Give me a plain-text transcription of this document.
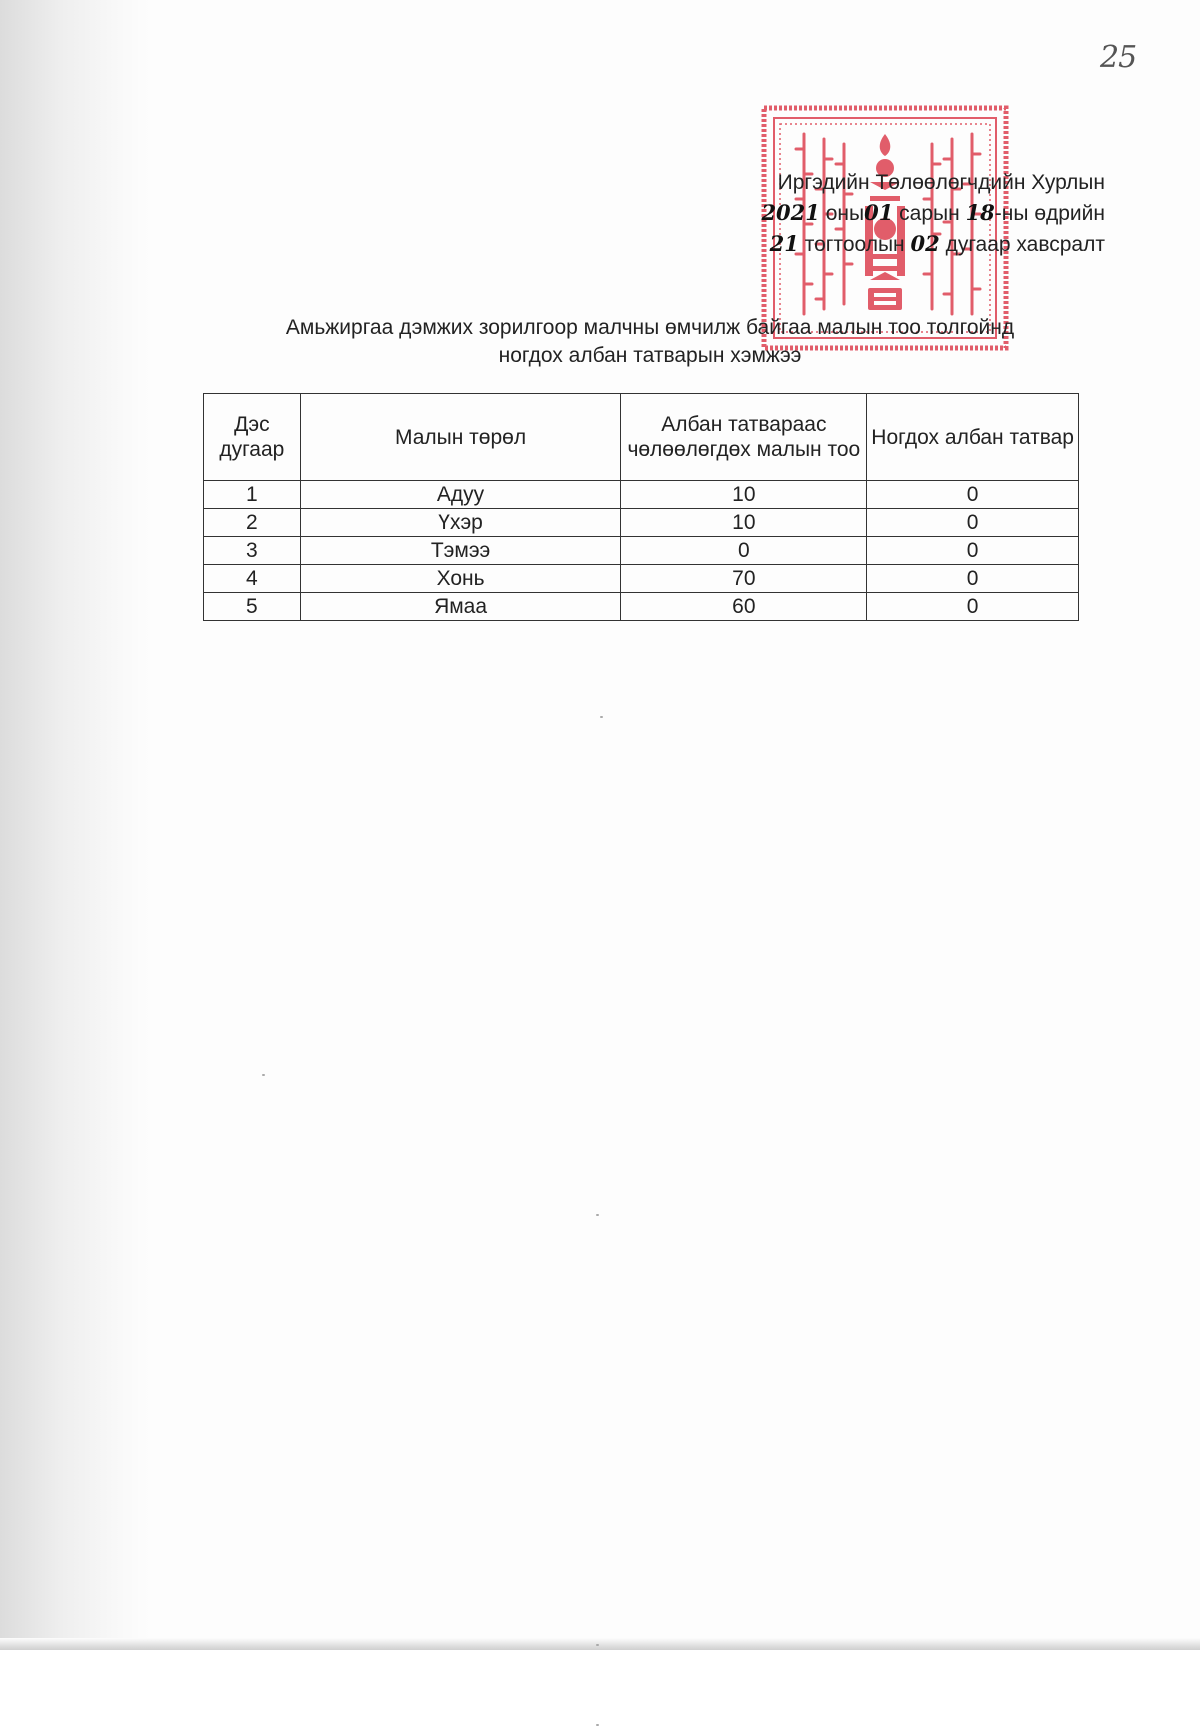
25
Иргэдийн Төлөөлөгчдийн Хурлын
2021 оны01 сарын 18-ны өдрийн
21 тогтоолын 02 дугаар хавсралт
Амьжиргаа дэмжих зорилгоор малчны өмчилж байгаа малын тоо толгойнд
ногдох албан татварын хэмжээ
Дэс дугаар	Малын төрөл	Албан татвараас чөлөөлөгдөх малын тоо	Ногдох албан татвар
1	Адуу	10	0
2	Үхэр	10	0
3	Тэмээ	0	0
4	Хонь	70	0
5	Ямаа	60	0
